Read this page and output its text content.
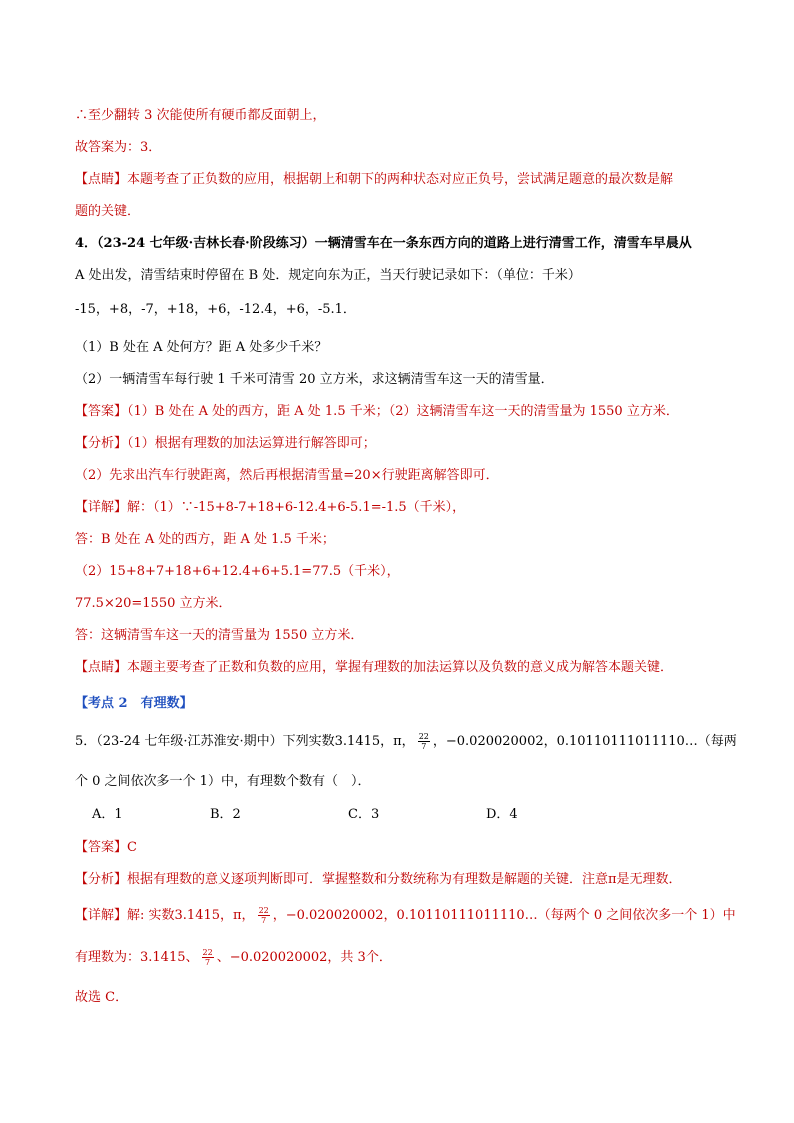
∴至少翻转 3 次能使所有硬币都反面朝上，
故答案为：3．
【点睛】本题考查了正负数的应用，根据朝上和朝下的两种状态对应正负号，尝试满足题意的最次数是解
题的关键．
4．（23-24 七年级·吉林长春·阶段练习）一辆清雪车在一条东西方向的道路上进行清雪工作，清雪车早晨从
A 处出发，清雪结束时停留在 B 处．规定向东为正，当天行驶记录如下：（单位：千米）
-15，+8，-7，+18，+6，-12.4，+6，-5.1．
（1）B 处在 A 处何方？距 A 处多少千米？
（2）一辆清雪车每行驶 1 千米可清雪 20 立方米，求这辆清雪车这一天的清雪量．
【答案】（1）B 处在 A 处的西方，距 A 处 1.5 千米；（2）这辆清雪车这一天的清雪量为 1550 立方米．
【分析】（1）根据有理数的加法运算进行解答即可；
（2）先求出汽车行驶距离，然后再根据清雪量=20×行驶距离解答即可．
【详解】解：（1）∵-15+8-7+18+6-12.4+6-5.1=-1.5（千米），
答：B 处在 A 处的西方，距 A 处 1.5 千米；
（2）15+8+7+18+6+12.4+6+5.1=77.5（千米），
77.5×20=1550 立方米．
答：这辆清雪车这一天的清雪量为 1550 立方米．
【点睛】本题主要考查了正数和负数的应用，掌握有理数的加法运算以及负数的意义成为解答本题关键．
【考点 2　有理数】
5．（23-24 七年级·江苏淮安·期中）下列实数3.1415，π， $\frac{22}{7}$ ，−0.020020002，0.10110111011110…（每两
个 0 之间依次多一个 1）中，有理数个数有（　）．
A．1	B．2	C．3	D．4
【答案】C
【分析】根据有理数的意义逐项判断即可．掌握整数和分数统称为有理数是解题的关键．注意π是无理数．
【详解】解: 实数3.1415，π， $\frac{22}{7}$ ，−0.020020002，0.10110111011110…（每两个 0 之间依次多一个 1）中
有理数为：3.1415、 $\frac{22}{7}$ 、−0.020020002，共 3个．
故选 C．
